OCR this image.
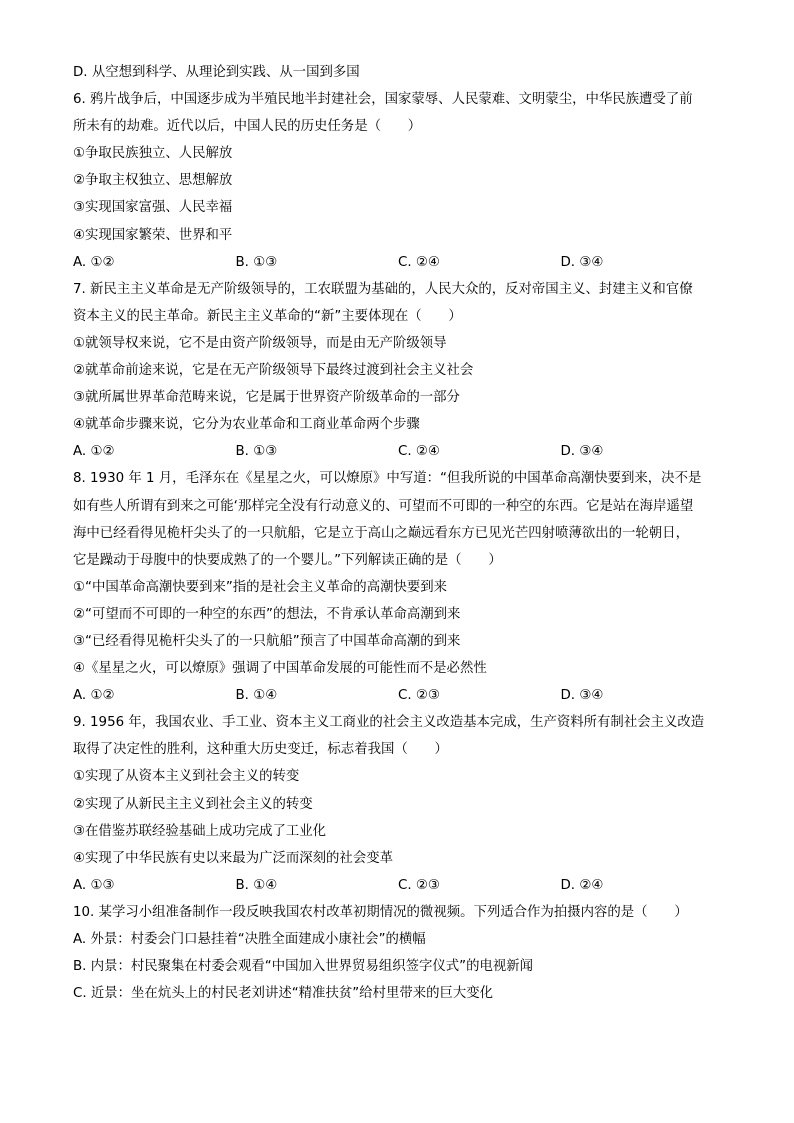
D. 从空想到科学、从理论到实践、从一国到多国
6. 鸦片战争后，中国逐步成为半殖民地半封建社会，国家蒙辱、人民蒙难、文明蒙尘，中华民族遭受了前
所未有的劫难。近代以后，中国人民的历史任务是（　　）
①争取民族独立、人民解放
②争取主权独立、思想解放
③实现国家富强、人民幸福
④实现国家繁荣、世界和平
A. ①②	B. ①③	C. ②④	D. ③④
7. 新民主主义革命是无产阶级领导的，工农联盟为基础的，人民大众的，反对帝国主义、封建主义和官僚
资本主义的民主革命。新民主主义革命的“新”主要体现在（　　）
①就领导权来说，它不是由资产阶级领导，而是由无产阶级领导
②就革命前途来说，它是在无产阶级领导下最终过渡到社会主义社会
③就所属世界革命范畴来说，它是属于世界资产阶级革命的一部分
④就革命步骤来说，它分为农业革命和工商业革命两个步骤
A. ①②	B. ①③	C. ②④	D. ③④
8. 1930 年 1 月，毛泽东在《星星之火，可以燎原》中写道：“但我所说的中国革命高潮快要到来，决不是
如有些人所谓有到来之可能‘那样完全没有行动意义的、可望而不可即的一种空的东西。它是站在海岸遥望
海中已经看得见桅杆尖头了的一只航船，它是立于高山之巅远看东方已见光芒四射喷薄欲出的一轮朝日，
它是躁动于母腹中的快要成熟了的一个婴儿。”下列解读正确的是（　　）
①“中国革命高潮快要到来”指的是社会主义革命的高潮快要到来
②“可望而不可即的一种空的东西”的想法，不肯承认革命高潮到来
③“已经看得见桅杆尖头了的一只航船”预言了中国革命高潮的到来
④《星星之火，可以燎原》强调了中国革命发展的可能性而不是必然性
A. ①②	B. ①④	C. ②③	D. ③④
9. 1956 年，我国农业、手工业、资本主义工商业的社会主义改造基本完成，生产资料所有制社会主义改造
取得了决定性的胜利，这种重大历史变迁，标志着我国（　　）
①实现了从资本主义到社会主义的转变
②实现了从新民主主义到社会主义的转变
③在借鉴苏联经验基础上成功完成了工业化
④实现了中华民族有史以来最为广泛而深刻的社会变革
A. ①③	B. ①④	C. ②③	D. ②④
10. 某学习小组准备制作一段反映我国农村改革初期情况的微视频。下列适合作为拍摄内容的是（　　）
A. 外景：村委会门口悬挂着“决胜全面建成小康社会”的横幅
B. 内景：村民聚集在村委会观看“中国加入世界贸易组织签字仪式”的电视新闻
C. 近景：坐在炕头上的村民老刘讲述“精准扶贫”给村里带来的巨大变化
